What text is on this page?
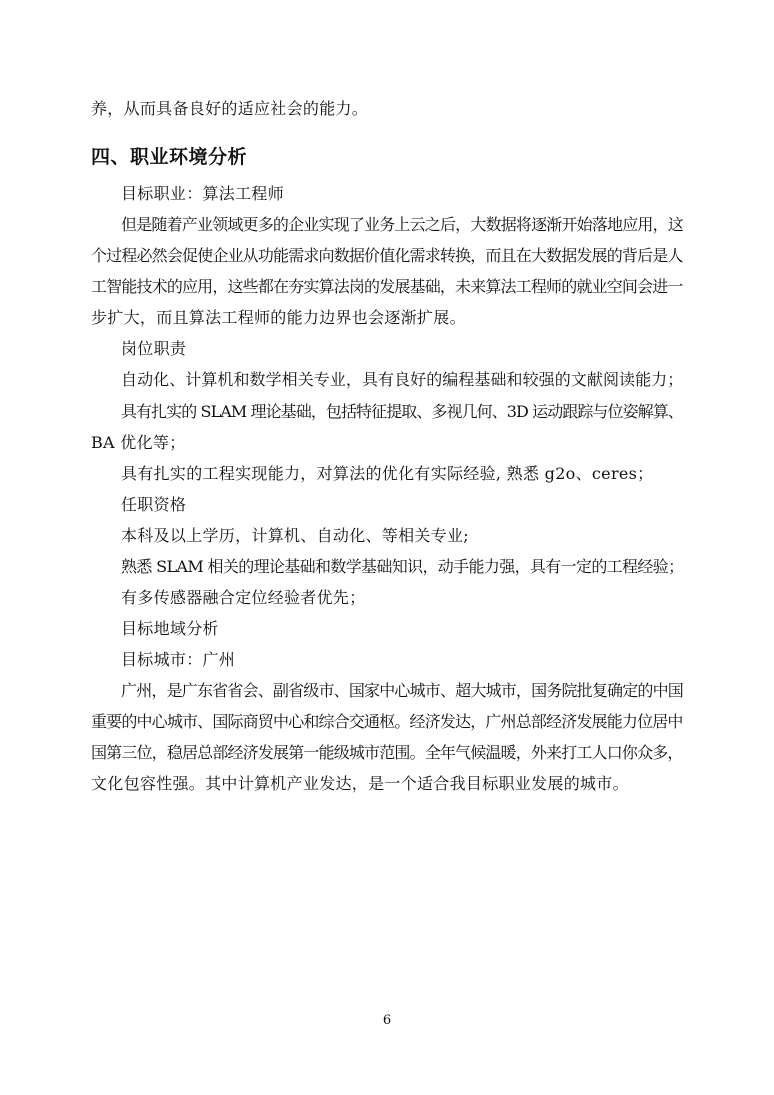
养，从而具备良好的适应社会的能力。
四、职业环境分析
目标职业：算法工程师
但是随着产业领域更多的企业实现了业务上云之后，大数据将逐渐开始落地应用，这
个过程必然会促使企业从功能需求向数据价值化需求转换，而且在大数据发展的背后是人
工智能技术的应用，这些都在夯实算法岗的发展基础，未来算法工程师的就业空间会进一
步扩大，而且算法工程师的能力边界也会逐渐扩展。
岗位职责
自动化、计算机和数学相关专业，具有良好的编程基础和较强的文献阅读能力；
具有扎实的 SLAM 理论基础，包括特征提取、多视几何、3D 运动跟踪与位姿解算、
BA 优化等；
具有扎实的工程实现能力，对算法的优化有实际经验, 熟悉 g2o、ceres；
任职资格
本科及以上学历，计算机、自动化、等相关专业;
熟悉 SLAM 相关的理论基础和数学基础知识，动手能力强，具有一定的工程经验；
有多传感器融合定位经验者优先；
目标地域分析
目标城市：广州
广州，是广东省省会、副省级市、国家中心城市、超大城市，国务院批复确定的中国
重要的中心城市、国际商贸中心和综合交通枢。经济发达，广州总部经济发展能力位居中
国第三位，稳居总部经济发展第一能级城市范围。全年气候温暖，外来打工人口你众多，
文化包容性强。其中计算机产业发达，是一个适合我目标职业发展的城市。
6
